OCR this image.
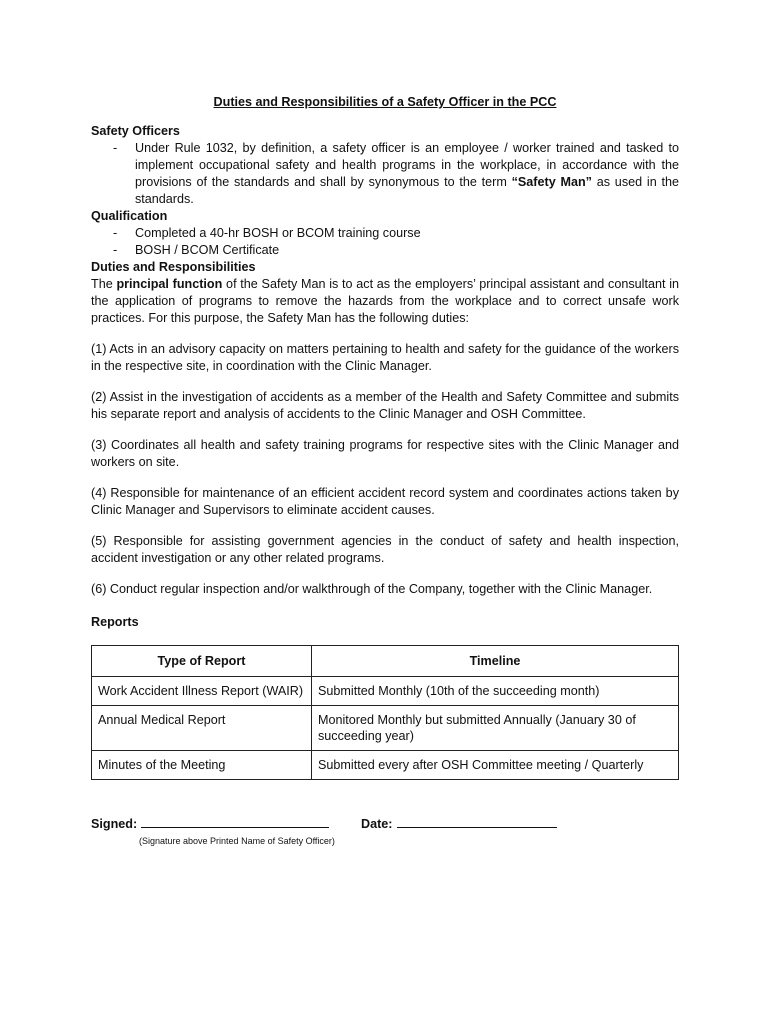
Duties and Responsibilities of a Safety Officer in the PCC

Safety Officers

- Under Rule 1032, by definition, a safety officer is an employee / worker trained and tasked to implement occupational safety and health programs in the workplace, in accordance with the provisions of the standards and shall by synonymous to the term “Safety Man” as used in the standards.

Qualification

- Completed a 40-hr BOSH or BCOM training course
- BOSH / BCOM Certificate

Duties and Responsibilities

The principal function of the Safety Man is to act as the employers’ principal assistant and consultant in the application of programs to remove the hazards from the workplace and to correct unsafe work practices. For this purpose, the Safety Man has the following duties:

(1) Acts in an advisory capacity on matters pertaining to health and safety for the guidance of the workers in the respective site, in coordination with the Clinic Manager.

(2) Assist in the investigation of accidents as a member of the Health and Safety Committee and submits his separate report and analysis of accidents to the Clinic Manager and OSH Committee.

(3) Coordinates all health and safety training programs for respective sites with the Clinic Manager and workers on site.

(4) Responsible for maintenance of an efficient accident record system and coordinates actions taken by Clinic Manager and Supervisors to eliminate accident causes.

(5) Responsible for assisting government agencies in the conduct of safety and health inspection, accident investigation or any other related programs.

(6) Conduct regular inspection and/or walkthrough of the Company, together with the Clinic Manager.

Reports

Type of Report	Timeline
Work Accident Illness Report (WAIR)	Submitted Monthly (10th of the succeeding month)
Annual Medical Report	Monitored Monthly but submitted Annually (January 30 of succeeding year)
Minutes of the Meeting	Submitted every after OSH Committee meeting / Quarterly
Signed:	Date:
(Signature above Printed Name of Safety Officer)
